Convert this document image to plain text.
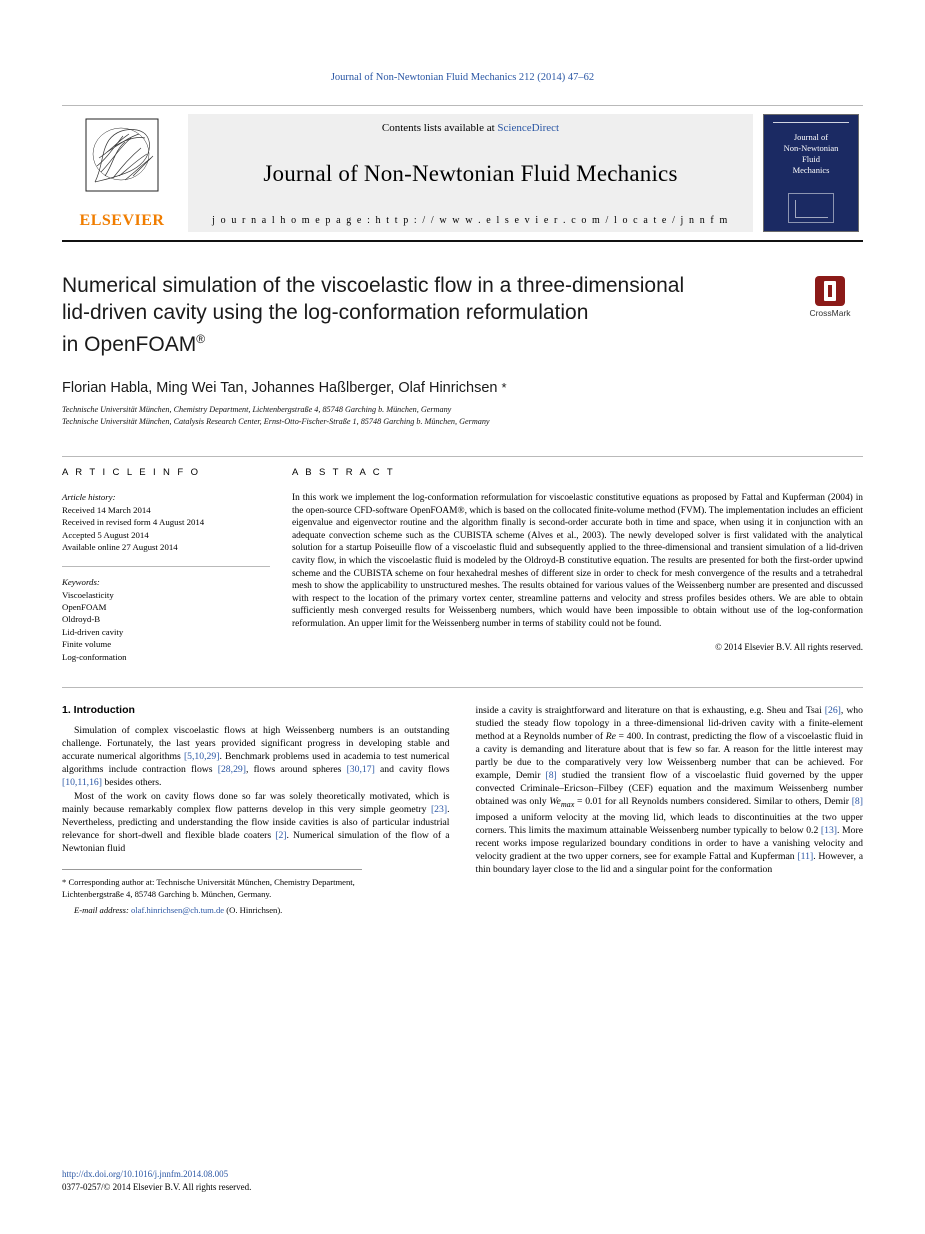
Journal of Non-Newtonian Fluid Mechanics 212 (2014) 47–62
ELSEVIER
Contents lists available at ScienceDirect
Journal of Non-Newtonian Fluid Mechanics
j o u r n a l h o m e p a g e : h t t p : / / w w w . e l s e v i e r . c o m / l o c a t e / j n n f m
Journal of
Non-Newtonian
Fluid
Mechanics
Numerical simulation of the viscoelastic flow in a three-dimensional
lid-driven cavity using the log-conformation reformulation
in OpenFOAM®
CrossMark
Florian Habla, Ming Wei Tan, Johannes Haßlberger, Olaf Hinrichsen *
Technische Universität München, Chemistry Department, Lichtenbergstraße 4, 85748 Garching b. München, Germany
Technische Universität München, Catalysis Research Center, Ernst-Otto-Fischer-Straße 1, 85748 Garching b. München, Germany
A R T I C L E I N F O
Article history:
Received 14 March 2014
Received in revised form 4 August 2014
Accepted 5 August 2014
Available online 27 August 2014
Keywords:
Viscoelasticity
OpenFOAM
Oldroyd-B
Lid-driven cavity
Finite volume
Log-conformation
A B S T R A C T
In this work we implement the log-conformation reformulation for viscoelastic constitutive equations as proposed by Fattal and Kupferman (2004) in the open-source CFD-software OpenFOAM®, which is based on the collocated finite-volume method (FVM). The implementation includes an efficient eigenvalue and eigenvector routine and the algorithm finally is second-order accurate both in time and space, when using it in conjunction with an adequate convection scheme such as the CUBISTA scheme (Alves et al., 2003). The newly developed solver is first validated with the analytical solution for a startup Poiseuille flow of a viscoelastic fluid and subsequently applied to the three-dimensional and transient simulation of a lid-driven cavity flow, in which the viscoelastic fluid is modeled by the Oldroyd-B constitutive equation. The results are presented for both the first-order upwind scheme and the CUBISTA scheme on four hexahedral meshes of different size in order to check for mesh convergence of the results and a tetrahedral mesh to show the applicability to unstructured meshes. The results obtained for various values of the Weissenberg number are presented and discussed with respect to the location of the primary vortex center, streamline patterns and velocity and stress profiles besides others. We are able to obtain sufficiently mesh converged results for Weissenberg numbers, which would have been impossible to obtain without use of the log-conformation reformulation. An upper limit for the Weissenberg number in terms of stability could not be found.
© 2014 Elsevier B.V. All rights reserved.
1. Introduction

Simulation of complex viscoelastic flows at high Weissenberg numbers is an outstanding challenge. Fortunately, the last years provided significant progress in developing stable and accurate numerical algorithms [5,10,29]. Benchmark problems used in academia to test numerical algorithms include contraction flows [28,29], flows around spheres [30,17] and cavity flows [10,11,16] besides others.

Most of the work on cavity flows done so far was solely theoretically motivated, which is mainly because remarkably complex flow patterns develop in this very simple geometry [23]. Nevertheless, predicting and understanding the flow inside cavities is also of particular industrial relevance for short-dwell and flexible blade coaters [2]. Numerical simulation of the flow of a Newtonian fluid

* Corresponding author at: Technische Universität München, Chemistry Department, Lichtenbergstraße 4, 85748 Garching b. München, Germany.
E-mail address: olaf.hinrichsen@ch.tum.de (O. Hinrichsen).

inside a cavity is straightforward and literature on that is exhausting, e.g. Sheu and Tsai [26], who studied the steady flow topology in a three-dimensional lid-driven cavity with a finite-element method at a Reynolds number of Re = 400. In contrast, predicting the flow of a viscoelastic fluid in a cavity is demanding and literature about that is few so far. A reason for the little interest may partly be due to the comparatively very low Weissenberg number that can be achieved. For example, Demir [8] studied the transient flow of a viscoelastic fluid governed by the upper convected Criminale–Ericson–Filbey (CEF) equation and the maximum Weissenberg number obtained was only $We_{max} = 0.01$ for all Reynolds numbers considered. Similar to others, Demir [8] imposed a uniform velocity at the moving lid, which leads to discontinuities at the two upper corners. This limits the maximum attainable Weissenberg number typically to below 0.2 [13]. More recent works impose regularized boundary conditions in order to have a vanishing velocity and velocity gradient at the two upper corners, see for example Fattal and Kupferman [11]. However, a thin boundary layer close to the lid and a singular point for the conformation

http://dx.doi.org/10.1016/j.jnnfm.2014.08.005
0377-0257/© 2014 Elsevier B.V. All rights reserved.
